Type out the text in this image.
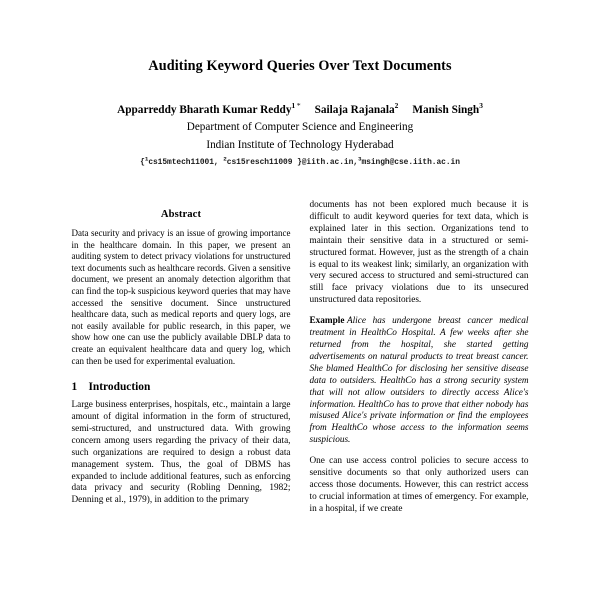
Auditing Keyword Queries Over Text Documents
Apparreddy Bharath Kumar Reddy$^1$ * Sailaja Rajanala$^2$ Manish Singh$^3$
Department of Computer Science and Engineering
Indian Institute of Technology Hyderabad
{$^1$cs15mtech11001, $^2$cs15resch11009 }@iith.ac.in,$^3$msingh@cse.iith.ac.in
Abstract

Data security and privacy is an issue of growing importance in the healthcare domain. In this paper, we present an auditing system to detect privacy violations for unstructured text documents such as healthcare records. Given a sensitive document, we present an anomaly detection algorithm that can find the top-k suspicious keyword queries that may have accessed the sensitive document. Since unstructured healthcare data, such as medical reports and query logs, are not easily available for public research, in this paper, we show how one can use the publicly available DBLP data to create an equivalent healthcare data and query log, which can then be used for experimental evaluation.

1 Introduction

Large business enterprises, hospitals, etc., maintain a large amount of digital information in the form of structured, semi-structured, and unstructured data. With growing concern among users regarding the privacy of their data, such organizations are required to design a robust data management system. Thus, the goal of DBMS has expanded to include additional features, such as enforcing data privacy and security (Robling Denning, 1982; Denning et al., 1979), in addition to the primary

documents has not been explored much because it is difficult to audit keyword queries for text data, which is explained later in this section. Organizations tend to maintain their sensitive data in a structured or semi-structured format. However, just as the strength of a chain is equal to its weakest link; similarly, an organization with very secured access to structured and semi-structured can still face privacy violations due to its unsecured unstructured data repositories.

Example Alice has undergone breast cancer medical treatment in HealthCo Hospital. A few weeks after she returned from the hospital, she started getting advertisements on natural products to treat breast cancer. She blamed HealthCo for disclosing her sensitive disease data to outsiders. HealthCo has a strong security system that will not allow outsiders to directly access Alice's information. HealthCo has to prove that either nobody has misused Alice's private information or find the employees from HealthCo whose access to the information seems suspicious.

One can use access control policies to secure access to sensitive documents so that only authorized users can access those documents. However, this can restrict access to crucial information at times of emergency. For example, in a hospital, if we create
